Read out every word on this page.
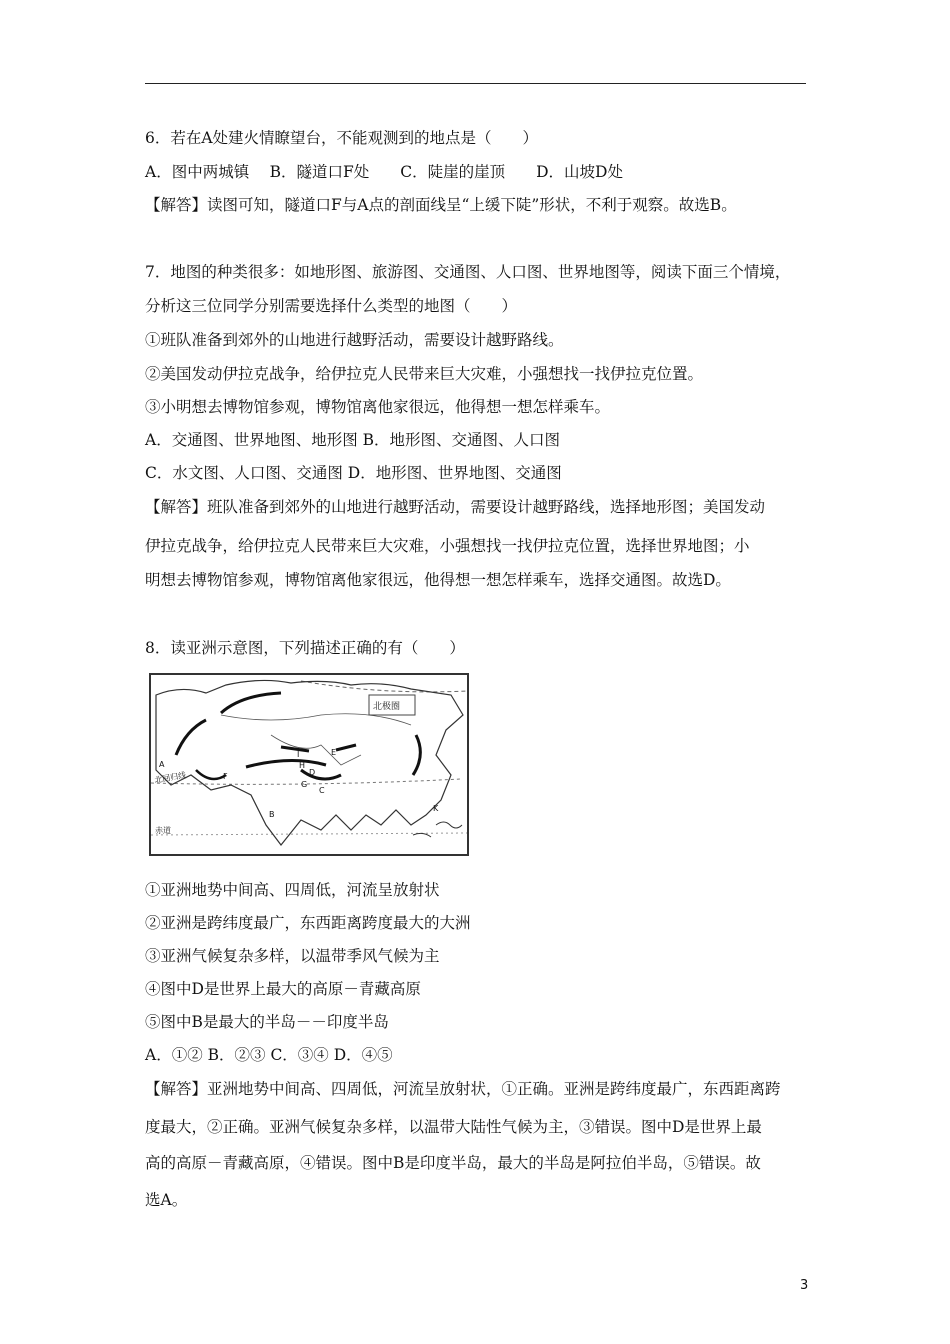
6．若在A处建火情瞭望台，不能观测到的地点是（　　）
A．图中两城镇　 B．隧道口F处　　C．陡崖的崖顶　　D．山坡D处
【解答】读图可知，隧道口F与A点的剖面线呈“上缓下陡”形状，不利于观察。故选B。
7．地图的种类很多：如地形图、旅游图、交通图、人口图、世界地图等，阅读下面三个情境，
分析这三位同学分别需要选择什么类型的地图（　　）
①班队准备到郊外的山地进行越野活动，需要设计越野路线。
②美国发动伊拉克战争，给伊拉克人民带来巨大灾难，小强想找一找伊拉克位置。
③小明想去博物馆参观，博物馆离他家很远，他得想一想怎样乘车。
A．交通图、世界地图、地形图 B．地形图、交通图、人口图
C．水文图、人口图、交通图 D．地形图、世界地图、交通图
【解答】班队准备到郊外的山地进行越野活动，需要设计越野路线，选择地形图；美国发动
伊拉克战争，给伊拉克人民带来巨大灾难，小强想找一找伊拉克位置，选择世界地图；小
明想去博物馆参观，博物馆离他家很远，他得想一想怎样乘车，选择交通图。故选D。
8．读亚洲示意图，下列描述正确的有（　　）
北极圈
北回归线
赤道
A
B
C
D
E
F
G
H
I
K
①亚洲地势中间高、四周低，河流呈放射状
②亚洲是跨纬度最广，东西距离跨度最大的大洲
③亚洲气候复杂多样，以温带季风气候为主
④图中D是世界上最大的高原－青藏高原
⑤图中B是最大的半岛－－印度半岛
A．①② B．②③ C．③④ D．④⑤
【解答】亚洲地势中间高、四周低，河流呈放射状，①正确。亚洲是跨纬度最广，东西距离跨
度最大，②正确。亚洲气候复杂多样，以温带大陆性气候为主，③错误。图中D是世界上最
高的高原－青藏高原，④错误。图中B是印度半岛，最大的半岛是阿拉伯半岛，⑤错误。故
选A。
3
